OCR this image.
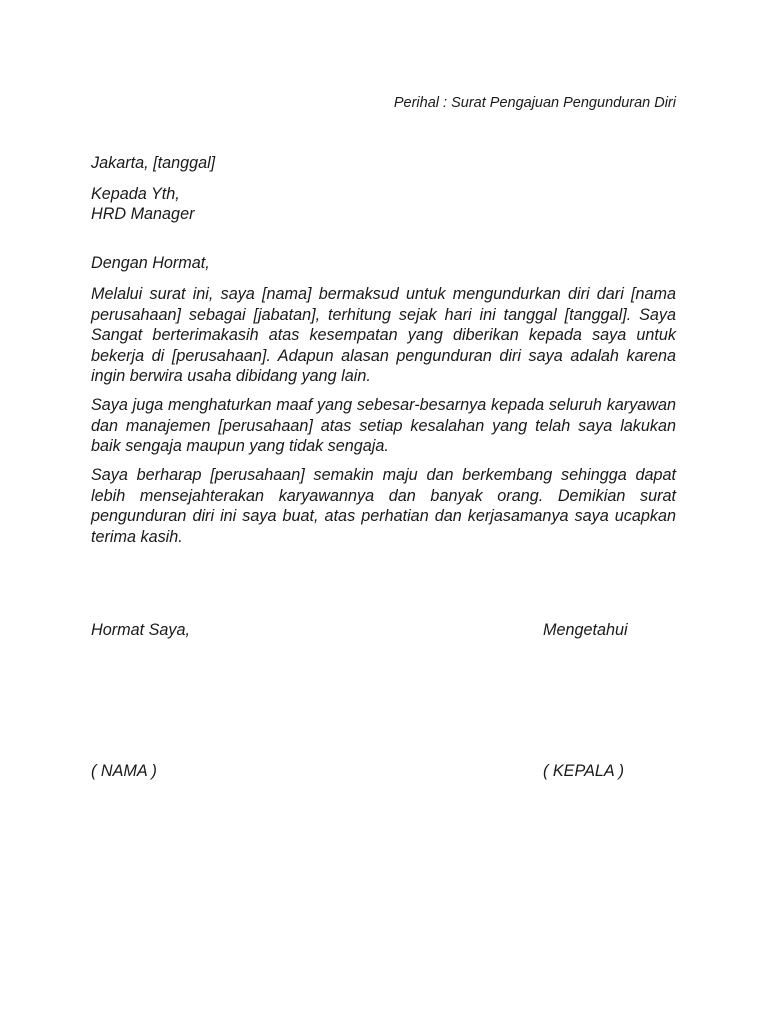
Perihal : Surat Pengajuan Pengunduran Diri
Jakarta, [tanggal]
Kepada Yth,
HRD Manager
Dengan Hormat,
Melalui surat ini, saya [nama] bermaksud untuk mengundurkan diri dari [nama perusahaan] sebagai [jabatan], terhitung sejak hari ini tanggal [tanggal]. Saya Sangat berterimakasih atas kesempatan yang diberikan kepada saya untuk bekerja di [perusahaan]. Adapun alasan pengunduran diri saya adalah karena ingin berwira usaha dibidang yang lain.
Saya juga menghaturkan maaf yang sebesar-besarnya kepada seluruh karyawan dan manajemen [perusahaan] atas setiap kesalahan yang telah saya lakukan baik sengaja maupun yang tidak sengaja.
Saya berharap [perusahaan] semakin maju dan berkembang sehingga dapat lebih mensejahterakan karyawannya dan banyak orang. Demikian surat pengunduran diri ini saya buat, atas perhatian dan kerjasamanya saya ucapkan terima kasih.
Hormat Saya,	Mengetahui
( NAMA )	( KEPALA )
